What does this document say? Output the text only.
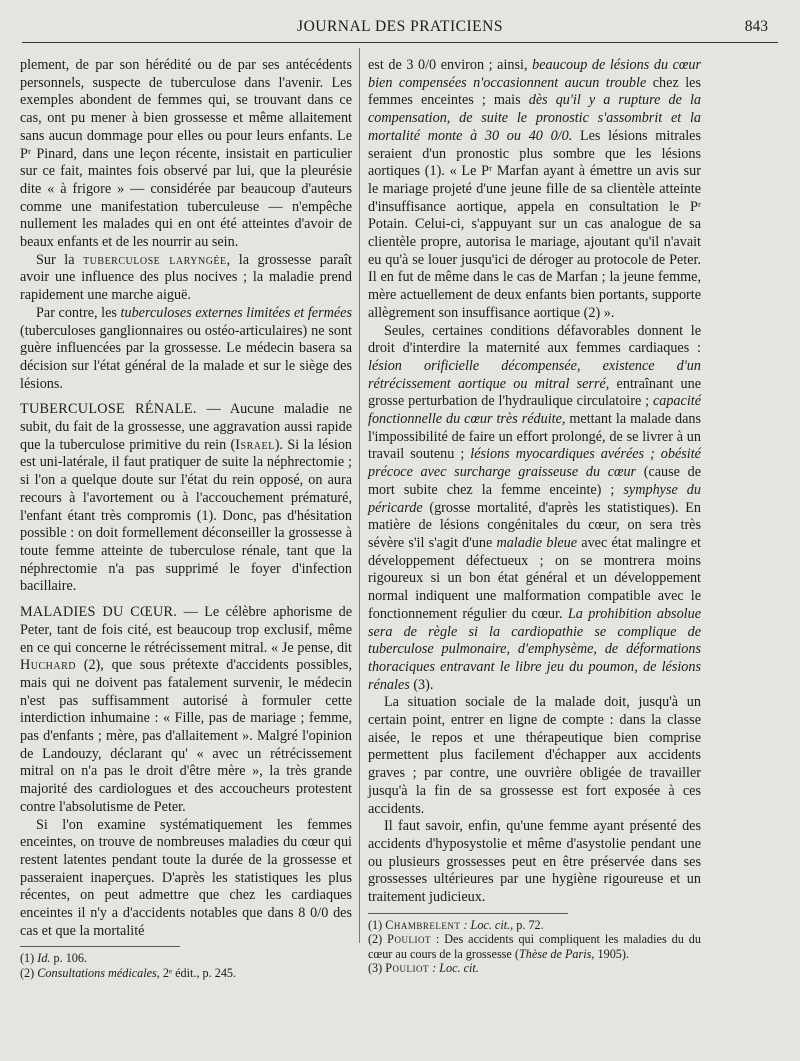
JOURNAL DES PRATICIENS	843

plement, de par son hérédité ou de par ses antécédents personnels, suspecte de tuberculose dans l'avenir. Les exemples abondent de femmes qui, se trouvant dans ce cas, ont pu mener à bien grossesse et même allaitement sans aucun dommage pour elles ou pour leurs enfants. Le Pʳ Pinard, dans une leçon récente, insistait en particulier sur ce fait, maintes fois observé par lui, que la pleurésie dite « à frigore » — considérée par beaucoup d'auteurs comme une manifestation tuberculeuse — n'empêche nullement les malades qui en ont été atteintes d'avoir de beaux enfants et de les nourrir au sein.

Sur la tuberculose laryngée, la grossesse paraît avoir une influence des plus nocives ; la maladie prend rapidement une marche aiguë.

Par contre, les tuberculoses externes limitées et fermées (tuberculoses ganglionnaires ou ostéo-articulaires) ne sont guère influencées par la grossesse. Le médecin basera sa décision sur l'état général de la malade et sur le siège des lésions.

TUBERCULOSE RÉNALE. — Aucune maladie ne subit, du fait de la grossesse, une aggravation aussi rapide que la tuberculose primitive du rein (Israel). Si la lésion est uni-latérale, il faut pratiquer de suite la néphrectomie ; si l'on a quelque doute sur l'état du rein opposé, on aura recours à l'avortement ou à l'accouchement prématuré, l'enfant étant très compromis (1). Donc, pas d'hésitation possible : on doit formellement déconseiller la grossesse à toute femme atteinte de tuberculose rénale, tant que la néphrectomie n'a pas supprimé le foyer d'infection bacillaire.

MALADIES DU CŒUR. — Le célèbre aphorisme de Peter, tant de fois cité, est beaucoup trop exclusif, même en ce qui concerne le rétrécissement mitral. « Je pense, dit Huchard (2), que sous prétexte d'accidents possibles, mais qui ne doivent pas fatalement survenir, le médecin n'est pas suffisamment autorisé à formuler cette interdiction inhumaine : « Fille, pas de mariage ; femme, pas d'enfants ; mère, pas d'allaitement ». Malgré l'opinion de Landouzy, déclarant qu' « avec un rétrécissement mitral on n'a pas le droit d'être mère », la très grande majorité des cardiologues et des accoucheurs protestent contre l'absolutisme de Peter.

Si l'on examine systématiquement les femmes enceintes, on trouve de nombreuses maladies du cœur qui restent latentes pendant toute la durée de la grossesse et passeraient inaperçues. D'après les statistiques les plus récentes, on peut admettre que chez les cardiaques enceintes il n'y a d'accidents notables que dans 8 0/0 des cas et que la mortalité

(1) Id. p. 106.

(2) Consultations médicales, 2ᵉ édit., p. 245.

est de 3 0/0 environ ; ainsi, beaucoup de lésions du cœur bien compensées n'occasionnent aucun trouble chez les femmes enceintes ; mais dès qu'il y a rupture de la compensation, de suite le pronostic s'assombrit et la mortalité monte à 30 ou 40 0/0. Les lésions mitrales seraient d'un pronostic plus sombre que les lésions aortiques (1). « Le Pʳ Marfan ayant à émettre un avis sur le mariage projeté d'une jeune fille de sa clientèle atteinte d'insuffisance aortique, appela en consultation le Pʳ Potain. Celui-ci, s'appuyant sur un cas analogue de sa clientèle propre, autorisa le mariage, ajoutant qu'il n'avait eu qu'à se louer jusqu'ici de déroger au protocole de Peter. Il en fut de même dans le cas de Marfan ; la jeune femme, mère actuellement de deux enfants bien portants, supporte allègrement son insuffisance aortique (2) ».

Seules, certaines conditions défavorables donnent le droit d'interdire la maternité aux femmes cardiaques : lésion orificielle décompensée, existence d'un rétrécissement aortique ou mitral serré, entraînant une grosse perturbation de l'hydraulique circulatoire ; capacité fonctionnelle du cœur très réduite, mettant la malade dans l'impossibilité de faire un effort prolongé, de se livrer à un travail soutenu ; lésions myocardiques avérées ; obésité précoce avec surcharge graisseuse du cœur (cause de mort subite chez la femme enceinte) ; symphyse du péricarde (grosse mortalité, d'après les statistiques). En matière de lésions congénitales du cœur, on sera très sévère s'il s'agit d'une maladie bleue avec état malingre et développement défectueux ; on se montrera moins rigoureux si un bon état général et un développement normal indiquent une malformation compatible avec le fonctionnement régulier du cœur. La prohibition absolue sera de règle si la cardiopathie se complique de tuberculose pulmonaire, d'emphysème, de déformations thoraciques entravant le libre jeu du poumon, de lésions rénales (3).

La situation sociale de la malade doit, jusqu'à un certain point, entrer en ligne de compte : dans la classe aisée, le repos et une thérapeutique bien comprise permettent plus facilement d'échapper aux accidents graves ; par contre, une ouvrière obligée de travailler jusqu'à la fin de sa grossesse est fort exposée à ces accidents.

Il faut savoir, enfin, qu'une femme ayant présenté des accidents d'hyposystolie et même d'asystolie pendant une ou plusieurs grossesses peut en être préservée dans ses grossesses ultérieures par une hygiène rigoureuse et un traitement judicieux.

(1) Chambrelent : Loc. cit., p. 72.

(2) Pouliot : Des accidents qui compliquent les maladies du du cœur au cours de la grossesse (Thèse de Paris, 1905).

(3) Pouliot : Loc. cit.
